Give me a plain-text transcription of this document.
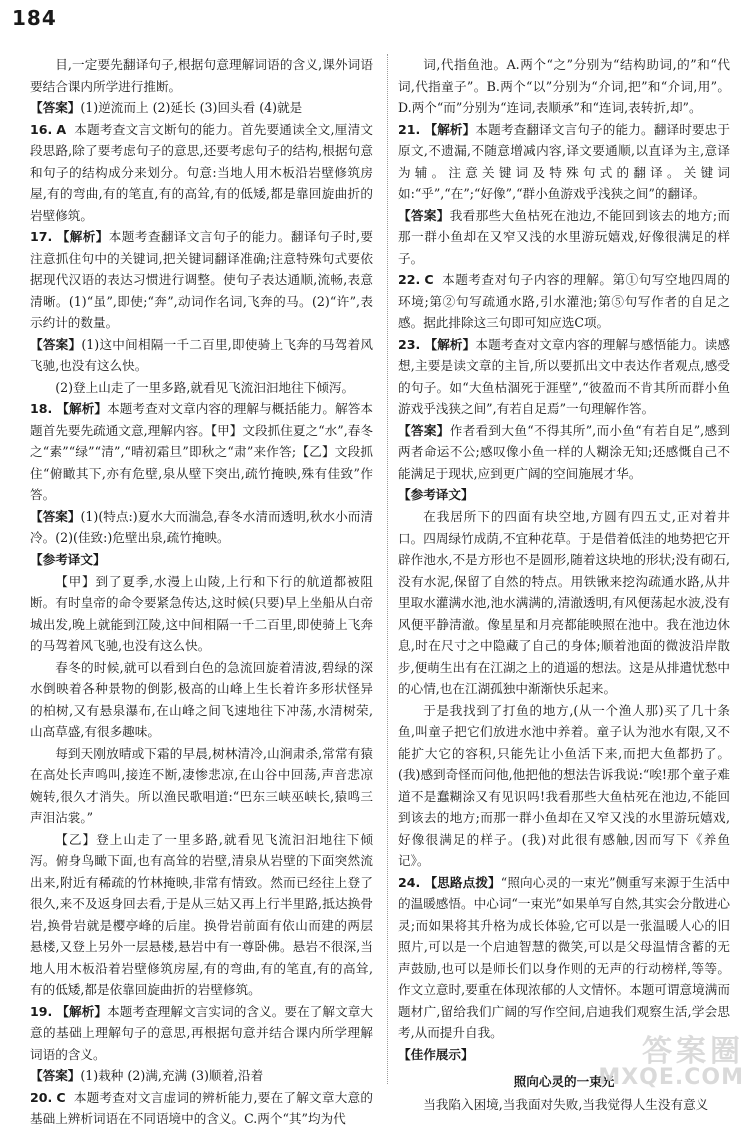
184

目,一定要先翻译句子,根据句意理解词语的含义,课外词语要结合课内所学进行推断。

【答案】(1)逆流而上 (2)延长 (3)回头看 (4)就是

16. A 本题考查文言文断句的能力。首先要通读全文,厘清文段思路,除了要考虑句子的意思,还要考虑句子的结构,根据句意和句子的结构成分来划分。句意:当地人用木板沿岩壁修筑房屋,有的弯曲,有的笔直,有的高耸,有的低矮,都是靠回旋曲折的岩壁修筑。

17. 【解析】本题考查翻译文言句子的能力。翻译句子时,要注意抓住句中的关键词,把关键词翻译准确;注意特殊句式要依据现代汉语的表达习惯进行调整。使句子表达通顺,流畅,表意清晰。(1)“虽”,即使;“奔”,动词作名词,飞奔的马。(2)“许”,表示约计的数量。

【答案】(1)这中间相隔一千二百里,即使骑上飞奔的马驾着风飞驰,也没有这么快。

(2)登上山走了一里多路,就看见飞流汩汩地往下倾泻。

18. 【解析】本题考查对文章内容的理解与概括能力。解答本题首先要先疏通文意,理解内容。【甲】文段抓住夏之“水”,春冬之“素”“绿”“清”,“晴初霜旦”即秋之“肃”来作答;【乙】文段抓住“俯瞰其下,亦有危壁,泉从壁下突出,疏竹掩映,殊有佳致”作答。

【答案】(1)(特点:)夏水大而湍急,春冬水清而透明,秋水小而清冷。(2)(佳致:)危壁出泉,疏竹掩映。

【参考译文】

【甲】到了夏季,水漫上山陵,上行和下行的航道都被阻断。有时皇帝的命令要紧急传达,这时候(只要)早上坐船从白帝城出发,晚上就能到江陵,这中间相隔一千二百里,即使骑上飞奔的马驾着风飞驰,也没有这么快。

春冬的时候,就可以看到白色的急流回旋着清波,碧绿的深水倒映着各种景物的倒影,极高的山峰上生长着许多形状怪异的柏树,又有悬泉瀑布,在山峰之间飞速地往下冲荡,水清树荣,山高草盛,有很多趣味。

每到天刚放晴或下霜的早晨,树林清冷,山涧肃杀,常常有猿在高处长声鸣叫,接连不断,凄惨悲凉,在山谷中回荡,声音悲凉婉转,很久才消失。所以渔民歌唱道:“巴东三峡巫峡长,猿鸣三声泪沾裳。”

【乙】登上山走了一里多路,就看见飞流汩汩地往下倾泻。俯身鸟瞰下面,也有高耸的岩壁,清泉从岩壁的下面突然流出来,附近有稀疏的竹林掩映,非常有情致。然而已经往上登了很久,来不及返身回去看,于是从三姑又再上行半里路,抵达换骨岩,换骨岩就是樱亭峰的后崖。换骨岩前面有依山而建的两层悬楼,又登上另外一层悬楼,悬岩中有一尊卧佛。悬岩不很深,当地人用木板沿着岩壁修筑房屋,有的弯曲,有的笔直,有的高耸,有的低矮,都是依靠回旋曲折的岩壁修筑。

19. 【解析】本题考查理解文言实词的含义。要在了解文章大意的基础上理解句子的意思,再根据句意并结合课内所学理解词语的含义。

【答案】(1)栽种 (2)满,充满 (3)顺着,沿着

20. C 本题考查对文言虚词的辨析能力,要在了解文章大意的基础上辨析词语在不同语境中的含义。C.两个“其”均为代

词,代指鱼池。A.两个“之”分别为“结构助词,的”和“代词,代指童子”。B.两个“以”分别为“介词,把”和“介词,用”。D.两个“而”分别为“连词,表顺承”和“连词,表转折,却”。

21. 【解析】本题考查翻译文言句子的能力。翻译时要忠于原文,不遗漏,不随意增减内容,译文要通顺,以直译为主,意译为辅。注意关键词及特殊句式的翻译。关键词如:“乎”,“在”;“好像”,“群小鱼游戏乎浅狭之间”的翻译。

【答案】我看那些大鱼枯死在池边,不能回到该去的地方;而那一群小鱼却在又窄又浅的水里游玩嬉戏,好像很满足的样子。

22. C 本题考查对句子内容的理解。第①句写空地四周的环境;第②句写疏通水路,引水灌池;第⑤句写作者的自足之感。据此排除这三句即可知应选C项。

23. 【解析】本题考查对文章内容的理解与感悟能力。读感想,主要是读文章的主旨,所以要抓出文中表达作者观点,感受的句子。如“大鱼枯涸死于涯壁”,“彼盈而不肯其所而群小鱼游戏乎浅狭之间”,有若自足焉”一句理解作答。

【答案】作者看到大鱼“不得其所”,而小鱼“有若自足”,感到两者命运不公;感叹像小鱼一样的人糊涂无知;还感慨自己不能满足于现状,应到更广阔的空间施展才华。

【参考译文】

在我居所下的四面有块空地,方圆有四五丈,正对着井口。四周绿竹成荫,不宜种花草。于是借着低洼的地势把它开辟作池水,不是方形也不是圆形,随着这块地的形状;没有砌石,没有水泥,保留了自然的特点。用铁锹来挖沟疏通水路,从井里取水灌满水池,池水满满的,清澈透明,有风便荡起水波,没有风便平静清澈。像星星和月亮都能映照在池中。我在池边休息,时在尺寸之中隐藏了自己的身体;顺着池面的微波沿岸散步,便萌生出有在江湖之上的逍遥的想法。这是从排遣忧愁中的心情,也在江湖孤独中渐渐快乐起来。

于是我找到了打鱼的地方,(从一个渔人那)买了几十条鱼,叫童子把它们放进水池中养着。童子认为池水有限,又不能扩大它的容积,只能先让小鱼活下来,而把大鱼都扔了。(我)感到奇怪而问他,他把他的想法告诉我说:“唉!那个童子难道不是蠢糊涂又有见识吗!我看那些大鱼枯死在池边,不能回到该去的地方;而那一群小鱼却在又窄又浅的水里游玩嬉戏,好像很满足的样子。(我)对此很有感触,因而写下《养鱼记》。

24. 【思路点拨】“照向心灵的一束光”侧重写来源于生活中的温暖感悟。中心词“一束光”如果单写自然,其实会分散进心灵;而如果将其升格为成长体验,它可以是一张温暖人心的旧照片,可以是一个启迪智慧的微笑,可以是父母温情含蓄的无声鼓励,也可以是师长们以身作则的无声的行动榜样,等等。作文立意时,要重在体现浓郁的人文情怀。本题可谓意境满而题材广,留给我们广阔的写作空间,启迪我们观察生活,学会思考,从而提升自我。

【佳作展示】
照向心灵的一束光

当我陷入困境,当我面对失败,当我觉得人生没有意义

答案圈
MXQE.COM
